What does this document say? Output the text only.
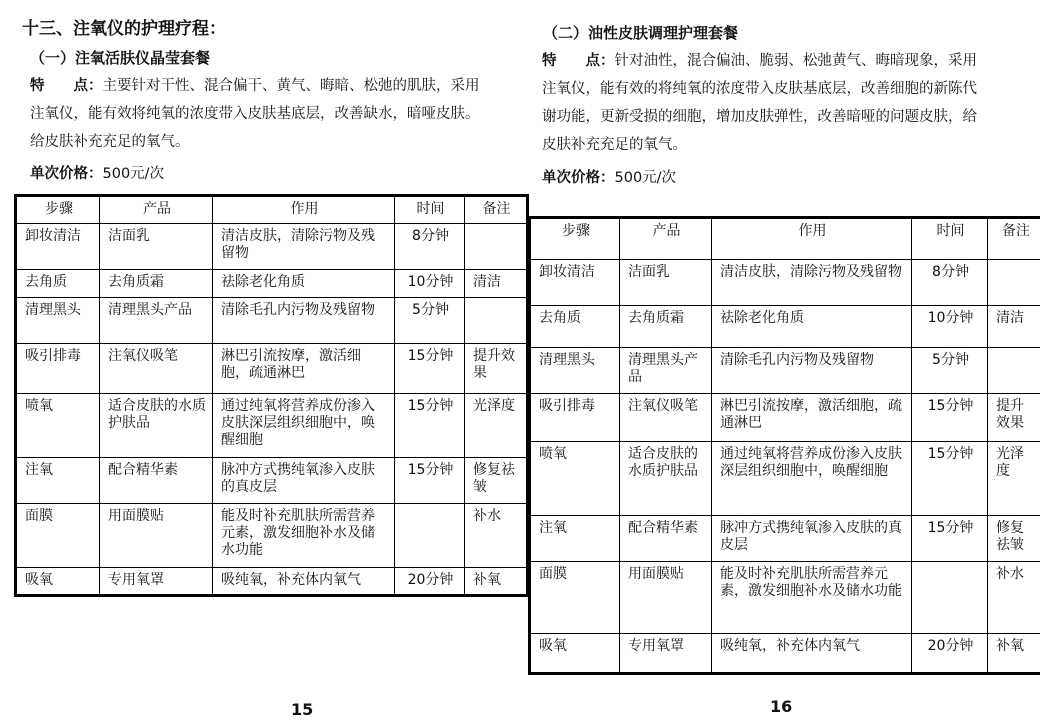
十三、注氧仪的护理疗程：
（一）注氧活肤仪晶莹套餐
特　　点：主要针对干性、混合偏干、黄气、晦暗、松弛的肌肤，采用
注氧仪，能有效将纯氧的浓度带入皮肤基底层，改善缺水，暗哑皮肤。
给皮肤补充充足的氧气。
单次价格：500元/次
步骤	产品	作用	时间	备注
卸妆清洁	洁面乳	清洁皮肤，清除污物及残留物	8分钟	
去角质	去角质霜	祛除老化角质	10分钟	清洁
清理黑头	清理黑头产品	清除毛孔内污物及残留物	5分钟	
吸引排毒	注氧仪吸笔	淋巴引流按摩，激活细胞，疏通淋巴	15分钟	提升效果
喷氧	适合皮肤的水质护肤品	通过纯氧将营养成份渗入皮肤深层组织细胞中，唤醒细胞	15分钟	光泽度
注氧	配合精华素	脉冲方式携纯氧渗入皮肤的真皮层	15分钟	修复祛皱
面膜	用面膜贴	能及时补充肌肤所需营养元素，激发细胞补水及储水功能		补水
吸氧	专用氧罩	吸纯氧，补充体内氧气	20分钟	补氧
15
（二）油性皮肤调理护理套餐
特　　点：针对油性，混合偏油、脆弱、松弛黄气、晦暗现象，采用
注氧仪，能有效的将纯氧的浓度带入皮肤基底层，改善细胞的新陈代
谢功能，更新受损的细胞，增加皮肤弹性，改善暗哑的问题皮肤，给
皮肤补充充足的氧气。
单次价格：500元/次
步骤	产品	作用	时间	备注
卸妆清洁	洁面乳	清洁皮肤，清除污物及残留物	8分钟	
去角质	去角质霜	祛除老化角质	10分钟	清洁
清理黑头	清理黑头产品	清除毛孔内污物及残留物	5分钟	
吸引排毒	注氧仪吸笔	淋巴引流按摩，激活细胞，疏通淋巴	15分钟	提升效果
喷氧	适合皮肤的水质护肤品	通过纯氧将营养成份渗入皮肤深层组织细胞中，唤醒细胞	15分钟	光泽度
注氧	配合精华素	脉冲方式携纯氧渗入皮肤的真皮层	15分钟	修复祛皱
面膜	用面膜贴	能及时补充肌肤所需营养元素，激发细胞补水及储水功能		补水
吸氧	专用氧罩	吸纯氧，补充体内氧气	20分钟	补氧
16
